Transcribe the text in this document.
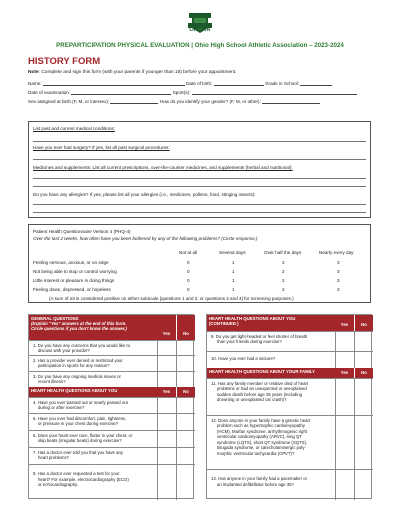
OHSAA
PREPARTICIPATION PHYSICAL EVALUATION | Ohio High School Athletic Association – 2023-2024
HISTORY FORM
Note: Complete and sign this form (with your parents if younger than 18) before your appointment.
Name:	Date of birth:	Grade in School:
Date of examination:	Sport(s):
Sex assigned at birth (F, M, or intersex):	How do you identify your gender? (F, M, or other):
List past and current medical conditions:
Have you ever had surgery? If yes, list all past surgical procedures:
Medicines and supplements: List all current prescriptions, over-the-counter medicines, and supplements (herbal and nutritional):
Do you have any allergies? If yes, please list all your allergies (i.e., medicines, pollens, food, stinging insects):
Patient Health Questionnaire Version 4 (PHQ-4)
Over the last 2 weeks, how often have you been bothered by any of the following problems? (Circle response.)
Not at all	Several days	Over half the days	Nearly every day
Feeling nervous, anxious, or on edge	0	1	2	3
Not being able to stop or control worrying	0	1	2	3
Little interest or pleasure in doing things	0	1	2	3
Feeling down, depressed, or hopeless	0	1	2	3
(A sum of ≥3 is considered positive on either subscale [questions 1 and 2, or questions 3 and 4] for screening purposes.)
GENERAL QUESTIONS
(Explain "Yes" answers at the end of this form.
Circle questions if you don't know the answer.)
Yes	No
1. Do you have any concerns that you would like to
discuss with your provider?
2. Has a provider ever denied or restricted your
participation in sports for any reason?
3. Do you have any ongoing medical issues or
recent illness?
HEART HEALTH QUESTIONS ABOUT YOU	Yes	No
4. Have you ever passed out or nearly passed out
during or after exercise?
5. Have you ever had discomfort, pain, tightness,
or pressure in your chest during exercise?
6. Does your heart ever race, flutter in your chest, or
skip beats (irregular beats) during exercise?
7. Has a doctor ever told you that you have any
heart problems?
8. Has a doctor ever requested a test for your
heart? For example, electrocardiography (ECG)
or echocardiography.
HEART HEALTH QUESTIONS ABOUT YOU
(CONTINUED )	Yes	No
9. Do you get light-headed or feel shorter of breath
than your friends during exercise?
10. Have you ever had a seizure?
HEART HEALTH QUESTIONS ABOUT YOUR FAMILY	Yes	No
11. Has any family member or relative died of heart
problems or had an unexpected or unexplained
sudden death before age 35 years (including
drowning or unexplained car crash)?
12. Does anyone in your family have a genetic heart
problem such as hypertrophic cardiomyopathy
(HCM), Marfan syndrome, arrhythmogenic right
ventricular cardiomyopathy (ARVC), long QT
syndrome (LQTS), short QT syndrome (SQTS),
Brugada syndrome, or catecholaminergic poly-
morphic ventricular tachycardia (CPVT)?
13. Has anyone in your family had a pacemaker or
an implanted defibrillator before age 35?
